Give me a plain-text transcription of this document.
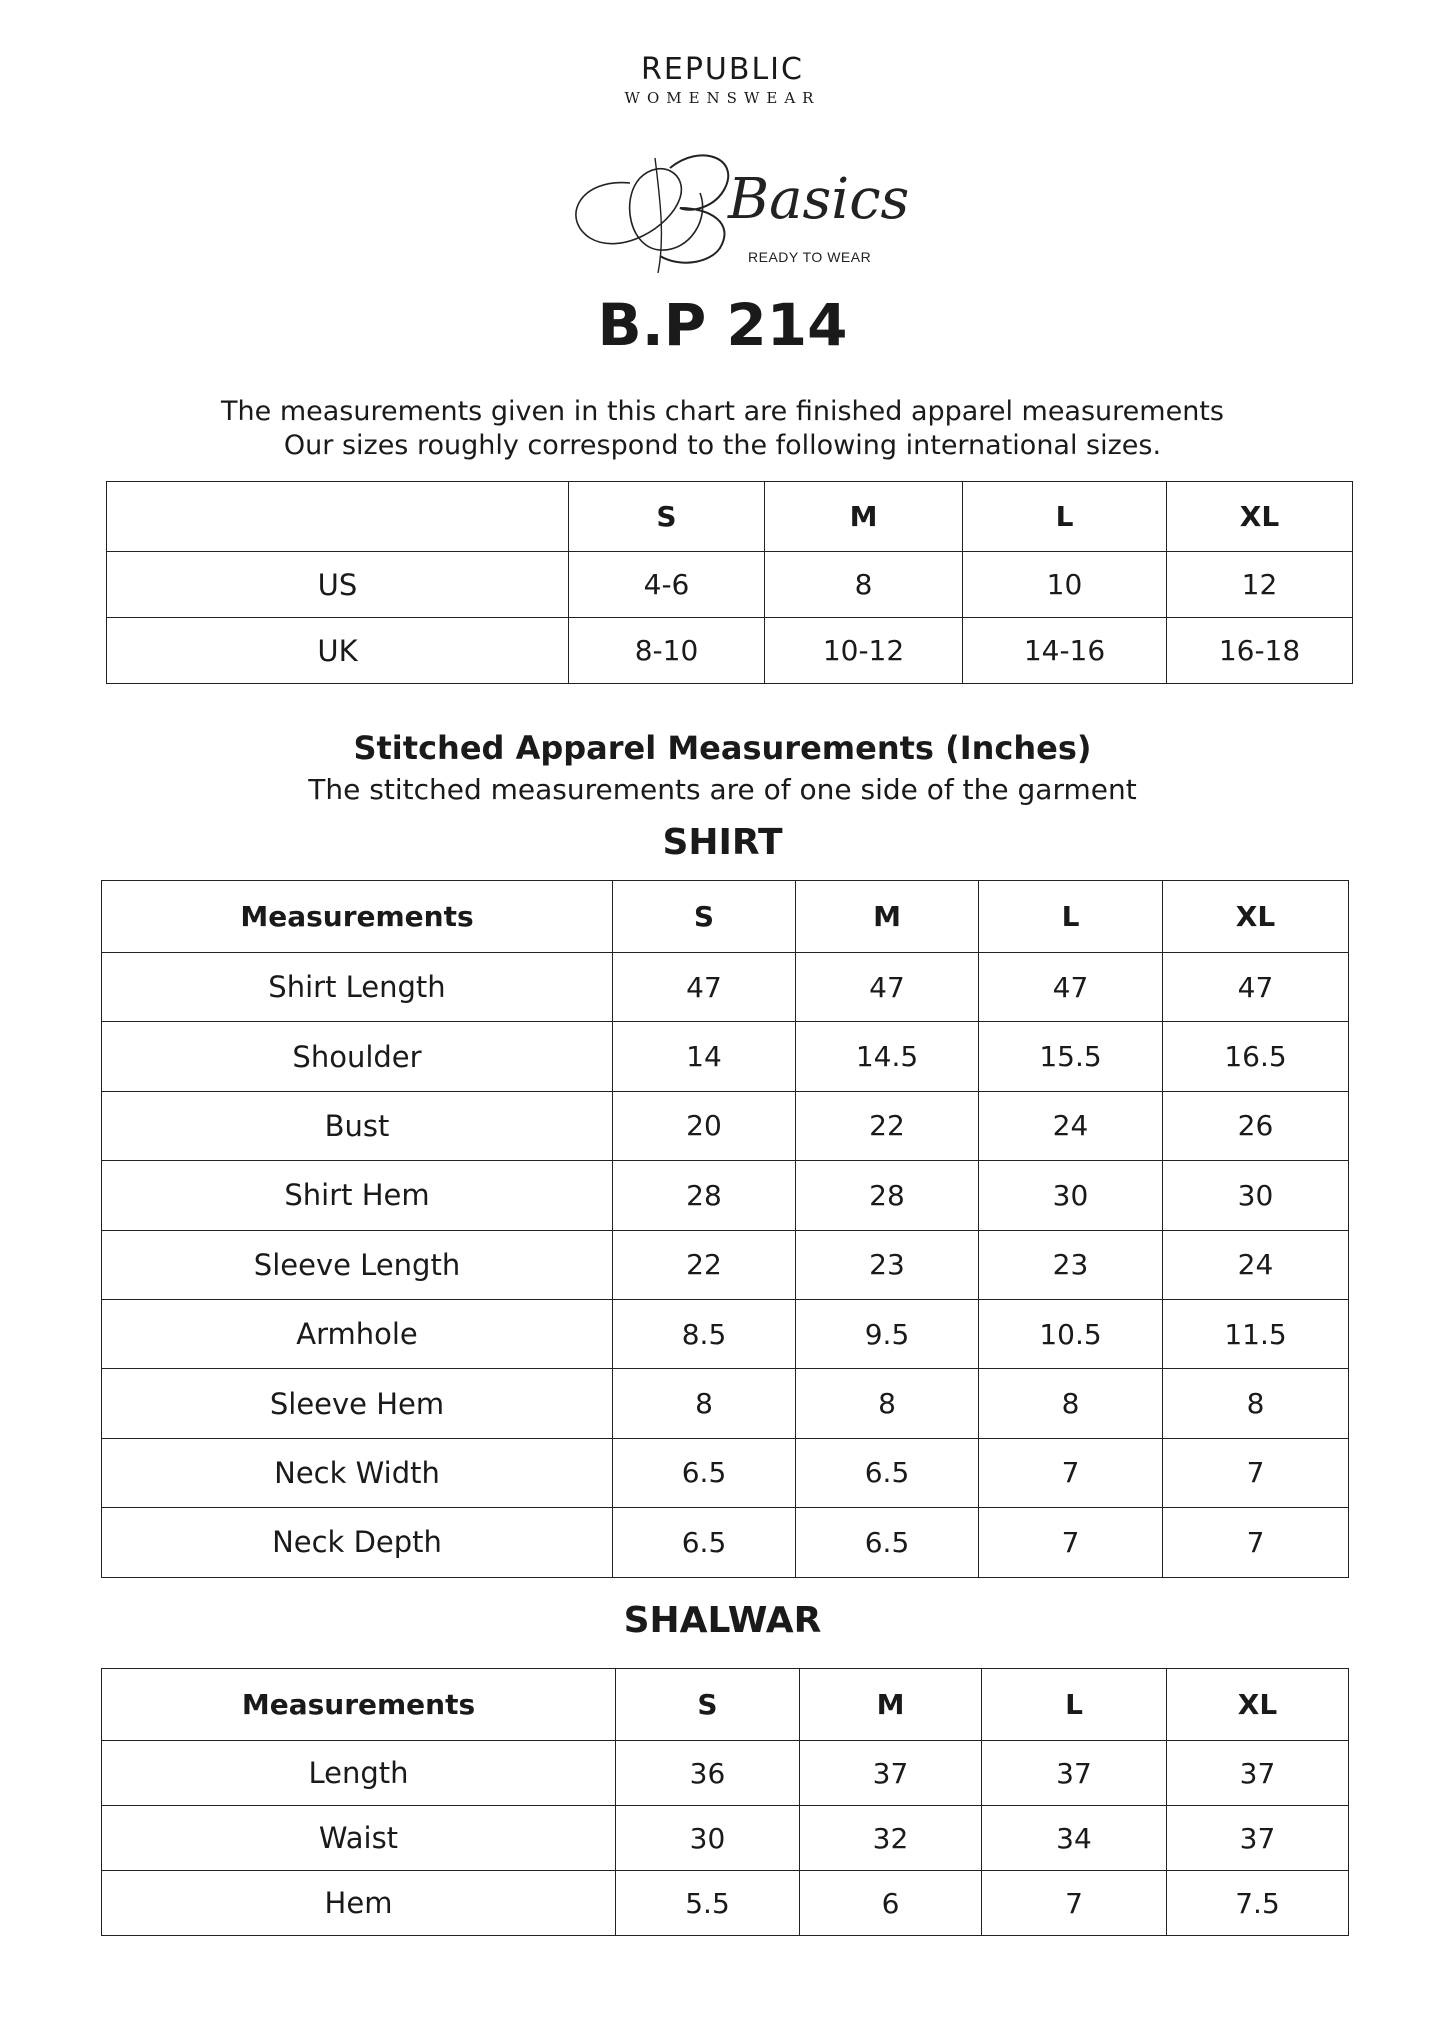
REPUBLIC
WOMENSWEAR
Basics
READY TO WEAR
B.P 214
The measurements given in this chart are finished apparel measurements
Our sizes roughly correspond to the following international sizes.
	S	M	L	XL
US	4-6	8	10	12
UK	8-10	10-12	14-16	16-18
Stitched Apparel Measurements (Inches)
The stitched measurements are of one side of the garment
SHIRT
Measurements	S	M	L	XL
Shirt Length	47	47	47	47
Shoulder	14	14.5	15.5	16.5
Bust	20	22	24	26
Shirt Hem	28	28	30	30
Sleeve Length	22	23	23	24
Armhole	8.5	9.5	10.5	11.5
Sleeve Hem	8	8	8	8
Neck Width	6.5	6.5	7	7
Neck Depth	6.5	6.5	7	7
SHALWAR
Measurements	S	M	L	XL
Length	36	37	37	37
Waist	30	32	34	37
Hem	5.5	6	7	7.5
